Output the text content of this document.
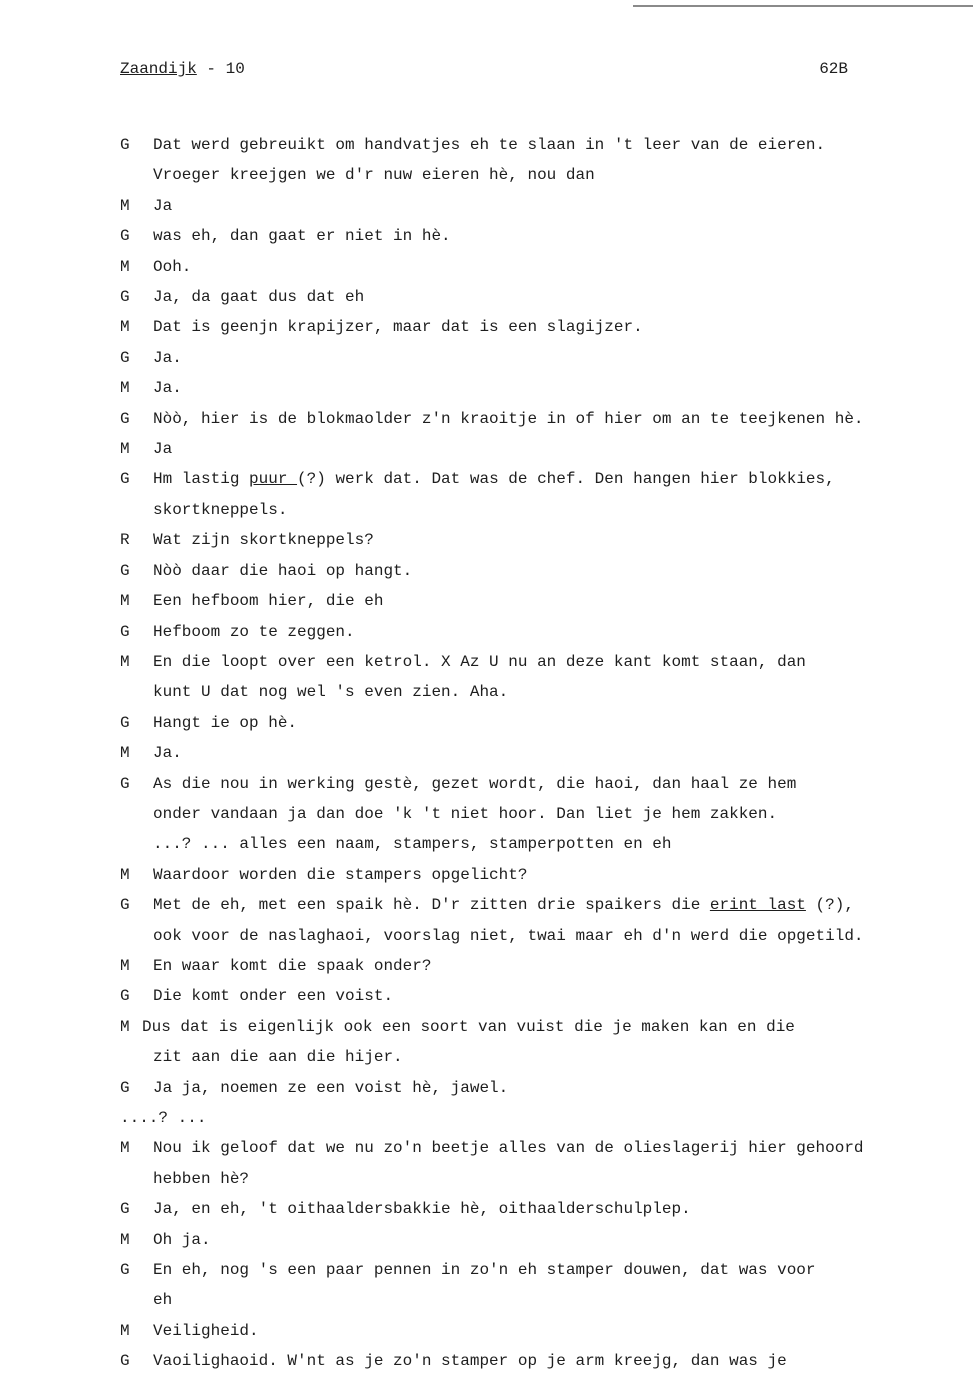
Zaandijk - 10	62B
G	Dat werd gebreuikt om handvatjes eh te slaan in 't leer van de eieren.
Vroeger kreejgen we d'r nuw eieren hè, nou dan
M	Ja
G	was eh, dan gaat er niet in hè.
M	Ooh.
G	Ja, da gaat dus dat eh
M	Dat is geenjn krapijzer, maar dat is een slagijzer.
G	Ja.
M	Ja.
G	Nòò, hier is de blokmaolder z'n kraoitje in of hier om an te teejkenen hè.
M	Ja
G	Hm lastig puur (?) werk dat. Dat was de chef. Den hangen hier blokkies,
skortkneppels.
R	Wat zijn skortkneppels?
G	Nòò daar die haoi op hangt.
M	Een hefboom hier, die eh
G	Hefboom zo te zeggen.
M	En die loopt over een ketrol. X Az U nu an deze kant komt staan, dan
kunt U dat nog wel 's even zien. Aha.
G	Hangt ie op hè.
M	Ja.
G	As die nou in werking gestè, gezet wordt, die haoi, dan haal ze hem
onder vandaan ja dan doe 'k 't niet hoor. Dan liet je hem zakken.
...? ... alles een naam, stampers, stamperpotten en eh
M	Waardoor worden die stampers opgelicht?
G	Met de eh, met een spaik hè. D'r zitten drie spaikers die erint last (?),
ook voor de naslaghaoi, voorslag niet, twai maar eh d'n werd die opgetild.
M	En waar komt die spaak onder?
G	Die komt onder een voist.
M Dus dat is eigenlijk ook een soort van vuist die je maken kan en die
zit aan die aan die hijer.
G	Ja ja, noemen ze een voist hè, jawel.
....? ...
M	Nou ik geloof dat we nu zo'n beetje alles van de olieslagerij hier gehoord
hebben hè?
G	Ja, en eh, 't oithaaldersbakkie hè, oithaalderschulplep.
M	Oh ja.
G	En eh, nog 's een paar pennen in zo'n eh stamper douwen, dat was voor
eh
M	Veiligheid.
G	Vaoilighaoid. W'nt as je zo'n stamper op je arm kreejg, dan was je
